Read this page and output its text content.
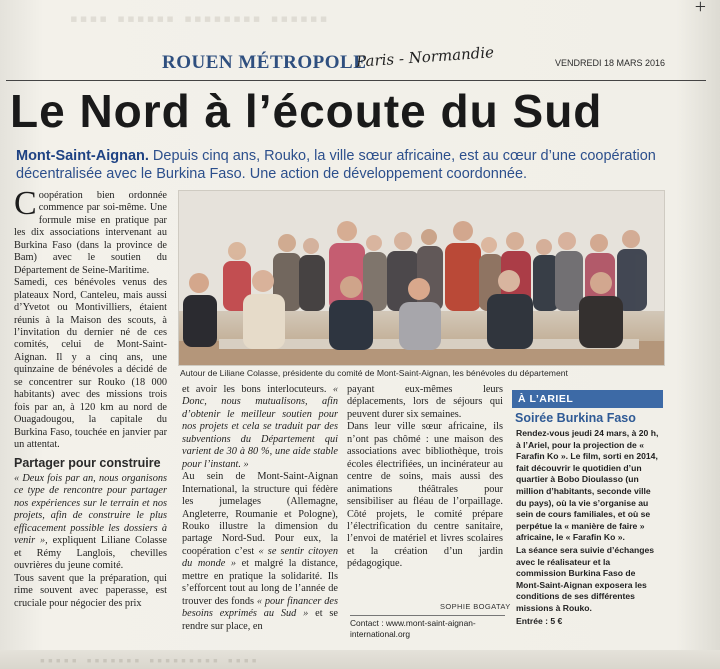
▪▪▪▪ ▪▪▪▪▪▪ ▪▪▪▪▪▪▪▪ ▪▪▪▪▪▪	+
ROUEN MÉTROPOLE
Paris - Normandie	VENDREDI 18 MARS 2016
Le Nord à l’écoute du Sud
Mont-Saint-Aignan. Depuis cinq ans, Rouko, la ville sœur africaine, est au cœur d’une coopération décentralisée avec le Burkina Faso. Une action de développement coordonnée.

Coopération bien ordonnée commence par soi-même. Une formule mise en pratique par les dix associations intervenant au Burkina Faso (dans la province de Bam) avec le soutien du Département de Seine-Maritime.

Samedi, ces bénévoles venus des plateaux Nord, Canteleu, mais aussi d’Yvetot ou Montivilliers, étaient réunis à la Maison des scouts, à l’invitation du dernier né de ces comités, celui de Mont-Saint-Aignan. Il y a cinq ans, une quinzaine de bénévoles a décidé de se concentrer sur Rouko (18 000 habitants) avec des missions trois fois par an, à 120 km au nord de Ouagadougou, la capitale du Burkina Faso, touchée en janvier par un attentat.

Partager pour construire

« Deux fois par an, nous organisons ce type de rencontre pour partager nos expériences sur le terrain et nos projets, afin de construire le plus efficacement possible les dossiers à venir », expliquent Liliane Colasse et Rémy Langlois, chevilles ouvrières du jeune comité.

Tous savent que la préparation, qui rime souvent avec paperasse, est cruciale pour négocier des prix

Autour de Liliane Colasse, présidente du comité de Mont-Saint-Aignan, les bénévoles du département

et avoir les bons interlocuteurs. « Donc, nous mutualisons, afin d’obtenir le meilleur soutien pour nos projets et cela se traduit par des subventions du Département qui varient de 30 à 80 %, une aide stable pour l’instant. »

Au sein de Mont-Saint-Aignan International, la structure qui fédère les jumelages (Allemagne, Angleterre, Roumanie et Pologne), Rouko illustre la dimension du partage Nord-Sud. Pour eux, la coopération c’est « se sentir citoyen du monde » et malgré la distance, mettre en pratique la solidarité. Ils s’efforcent tout au long de l’année de trouver des fonds « pour financer des besoins exprimés au Sud » et se rendre sur place, en

payant eux-mêmes leurs déplacements, lors de séjours qui peuvent durer six semaines.

Dans leur ville sœur africaine, ils n’ont pas chômé : une maison des associations avec bibliothèque, trois écoles électrifiées, un incinérateur au centre de soins, mais aussi des animations théâtrales pour sensibiliser au fléau de l’orpaillage. Côté projets, le comité prépare l’électrification du centre sanitaire, l’envoi de matériel et livres scolaires et la création d’un jardin pédagogique.

SOPHIE BOGATAY
Contact : www.mont-saint-aignan-international.org
À L’ARIEL
Soirée Burkina Faso

Rendez-vous jeudi 24 mars, à 20 h, à l’Ariel, pour la projection de « Farafin Ko ». Le film, sorti en 2014, fait découvrir le quotidien d’un quartier à Bobo Dioulasso (un million d’habitants, seconde ville du pays), où la vie s’organise au sein de cours familiales, et où se perpétue la « manière de faire » africaine, le « Farafin Ko ».

La séance sera suivie d’échanges avec le réalisateur et la commission Burkina Faso de Mont-Saint-Aignan exposera les conditions de ses différentes missions à Rouko.

Entrée : 5 €

▪▪▪▪▪ ▪▪▪▪▪▪▪ ▪▪▪▪▪▪▪▪▪ ▪▪▪▪
